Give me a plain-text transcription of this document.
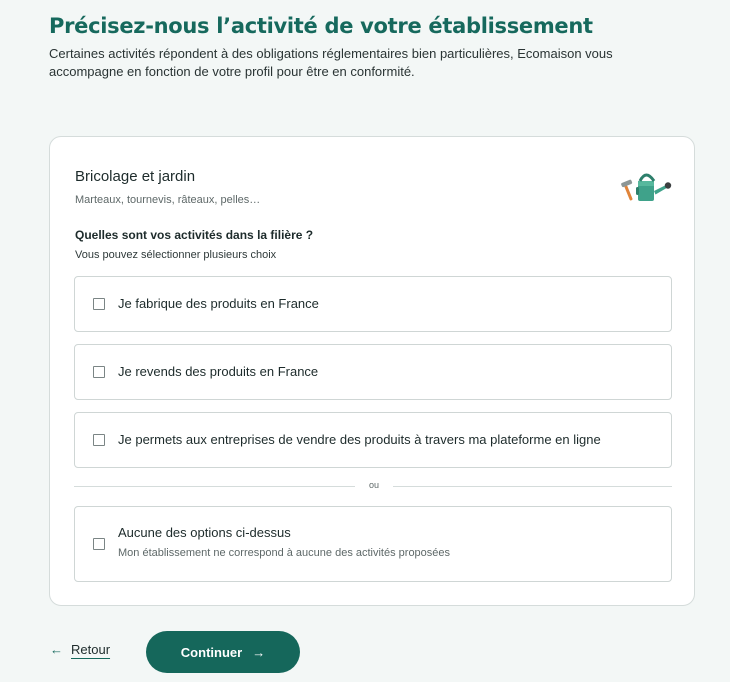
Précisez-nous l’activité de votre établissement

Certaines activités répondent à des obligations réglementaires bien particulières, Ecomaison vous accompagne en fonction de votre profil pour être en conformité.

Bricolage et jardin
Marteaux, tournevis, râteaux, pelles…
Quelles sont vos activités dans la filière ?
Vous pouvez sélectionner plusieurs choix
Je fabrique des produits en France
Je revends des produits en France
Je permets aux entreprises de vendre des produits à travers ma plateforme en ligne
ou
Aucune des options ci-dessus
Mon établissement ne correspond à aucune des activités proposées
← Retour	Continuer →
